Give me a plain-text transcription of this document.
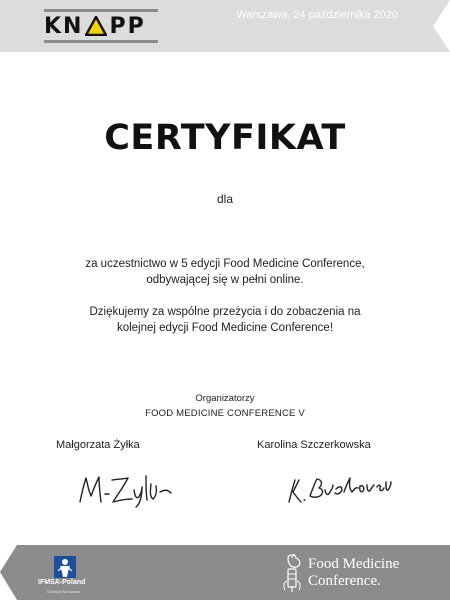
KN PP	Warszawa, 24 października 2020
CERTYFIKAT
dla
za uczestnictwo w 5 edycji Food Medicine Conference,
odbywającej się w pełni online.
Dziękujemy za wspólne przeżycia i do zobaczenia na
kolejnej edycji Food Medicine Conference!
Organizatorzy
FOOD MEDICINE CONFERENCE V
Małgorzata Żyłka	Karolina Szczerkowska
IFMSA-Poland
Oddział Warszawa
Food Medicine
Conference.
